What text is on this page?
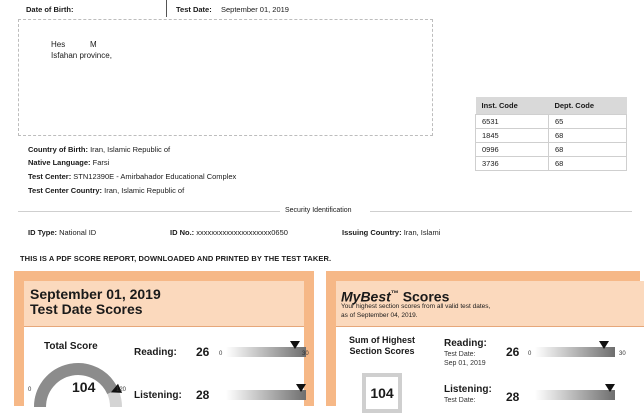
Date of Birth:	Test Date: September 01, 2019
Hes	M
Isfahan province,
Inst. Code	Dept. Code
6531	65
1845	68
0996	68
3736	68
Country of Birth: Iran, Islamic Republic of
Native Language: Farsi
Test Center: STN12390E - Amirbahador Educational Complex
Test Center Country: Iran, Islamic Republic of
Security Identification
ID Type: National ID	ID No.: xxxxxxxxxxxxxxxxxxxx0650	Issuing Country: Iran, Islami
THIS IS A PDF SCORE REPORT, DOWNLOADED AND PRINTED BY THE TEST TAKER.
September 01, 2019
Test Date Scores
Total Score
104
0	120
Reading: 26 0	30
Listening: 28
MyBest™ Scores
Your highest section scores from all valid test dates,
as of September 04, 2019.
Sum of Highest
Section Scores
104
Reading:
Test Date:
Sep 01, 2019
26 0	30
Listening:
Test Date:	28
